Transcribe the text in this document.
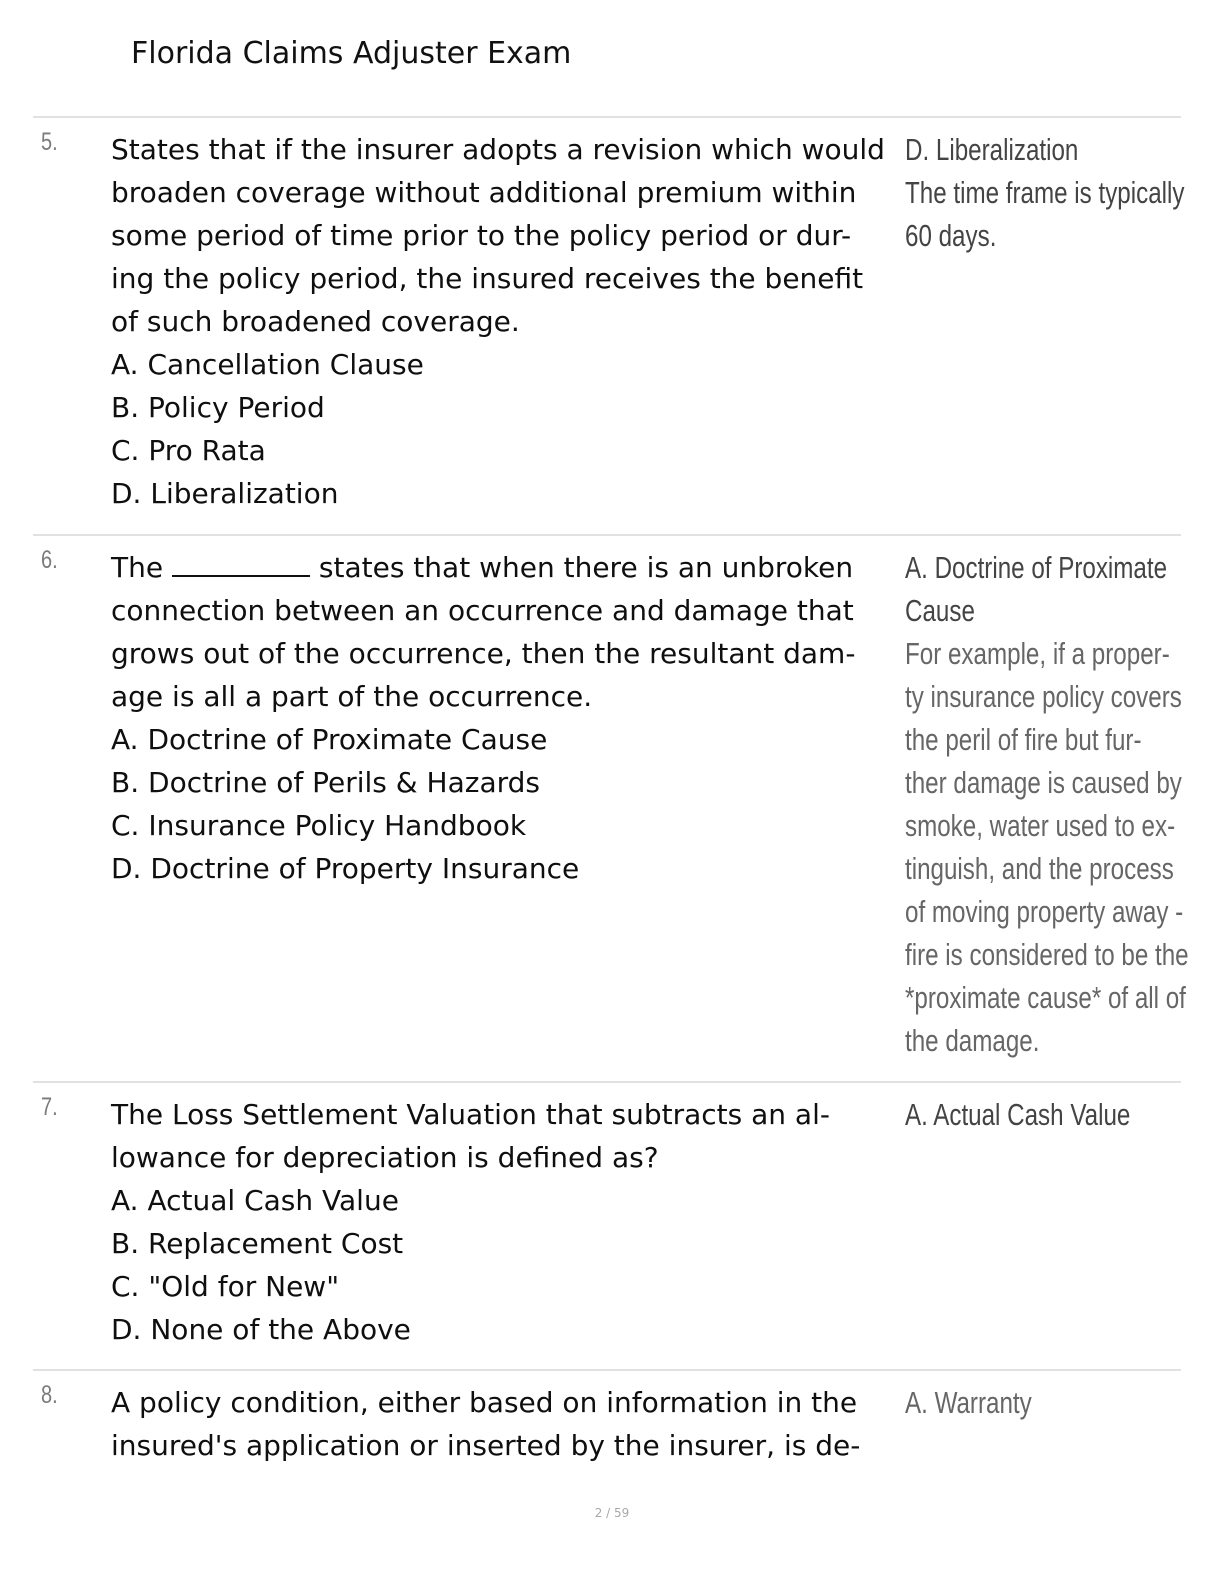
Florida Claims Adjuster Exam
5. States that if the insurer adopts a revision which would
broaden coverage without additional premium within
some period of time prior to the policy period or dur-
ing the policy period, the insured receives the benefit
of such broadened coverage.
A. Cancellation Clause
B. Policy Period
C. Pro Rata
D. Liberalization
D. Liberalization
The time frame is typically
60 days.
6. The	states that when there is an unbroken
connection between an occurrence and damage that
grows out of the occurrence, then the resultant dam-
age is all a part of the occurrence.
A. Doctrine of Proximate Cause
B. Doctrine of Perils & Hazards
C. Insurance Policy Handbook
D. Doctrine of Property Insurance
A. Doctrine of Proximate
Cause
For example, if a proper-
ty insurance policy covers
the peril of fire but fur-
ther damage is caused by
smoke, water used to ex-
tinguish, and the process
of moving property away -
fire is considered to be the
*proximate cause* of all of
the damage.
7. The Loss Settlement Valuation that subtracts an al-
lowance for depreciation is defined as?
A. Actual Cash Value
B. Replacement Cost
C. "Old for New"
D. None of the Above
A. Actual Cash Value
8. A policy condition, either based on information in the
insured's application or inserted by the insurer, is de-
A. Warranty
2 / 59
